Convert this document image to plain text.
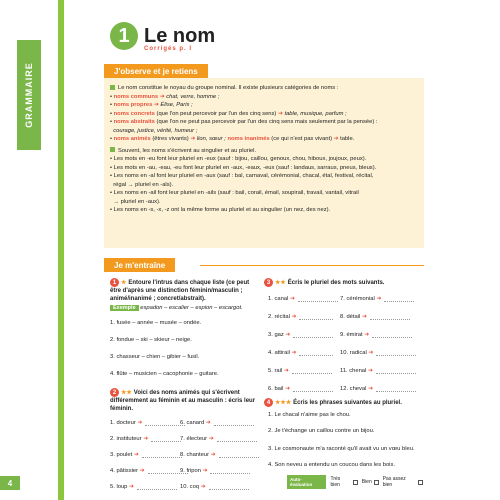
GRAMMAIRE
4
1 Le nom
Corrigés p. I
J'observe et je retiens
Le nom constitue le noyau du groupe nominal. Il existe plusieurs catégories de noms :
• noms communs ➜ chat, verre, homme ;
• noms propres ➜ Élise, Paris ;
• noms concrets (que l'on peut percevoir par l'un des cinq sens) ➜ table, musique, parfum ;
• noms abstraits (que l'on ne peut pas percevoir par l'un des cinq sens mais seulement par la pensée) :
courage, justice, vérité, humeur ;
• noms animés (êtres vivants) ➜ lion, sœur ; noms inanimés (ce qui n'est pas vivant) ➜ table.
Souvent, les noms s'écrivent au singulier et au pluriel.
• Les mots en -eu font leur pluriel en -eux (sauf : bijou, caillou, genoux, chou, hiboux, joujoux, peux).
• Les mots en -au, -eau, -eu font leur pluriel en -aux, -eaux, -eux (sauf : landaus, sarraus, pneus, bleus).
• Les noms en -al font leur pluriel en -aux (sauf : bal, carnaval, cérémonial, chacal, étal, festival, récital,
régal → pluriel en -als).
• Les noms en -ail font leur pluriel en -ails (sauf : bail, corail, émail, soupirail, travail, vantail, vitrail
→ pluriel en -aux).
• Les noms en -s, -x, -z ont la même forme au pluriel et au singulier (un nez, des nez).
Je m'entraîne
1 ★ Entoure l'intrus dans chaque liste (ce peut être d'après une distinction féminin/masculin ; animé/inanimé ; concret/abstrait).
Exemple espadon – escalier – espion – escargot.
1. fusée – année – musée – ondée.
2. fondue – ski – skieur – neige.
3. chasseur – chien – gibier – fusil.
4. flûte – musicien – cacophonie – guitare.
2 ★★ Voici des noms animés qui s'écrivent différemment au féminin et au masculin : écris leur féminin.
1. docteur ➜
2. instituteur ➜
3. poulet ➜
4. pâtissier ➜
5. loup ➜
6. canard ➜
7. électeur ➜
8. chanteur ➜
9. fripon ➜
10. coq ➜
3 ★★ Écris le pluriel des mots suivants.
1. canal ➜
2. récital ➜
3. gaz ➜
4. attirail ➜
5. rail ➜
6. bail ➜
7. cérémonial ➜
8. détail ➜
9. émirat ➜
10. radical ➜
11. chenal ➜
12. cheval ➜
4 ★★★ Écris les phrases suivantes au pluriel.
1. Le chacal n'aime pas le chou.
2. Je t'échange un caillou contre un bijou.
3. Le cosmonaute m'a raconté qu'il avait vu un vœu bleu.
4. Son neveu a entendu un coucou dans les bois.
Auto-évaluation
Très bien	Bien Pas assez bien
